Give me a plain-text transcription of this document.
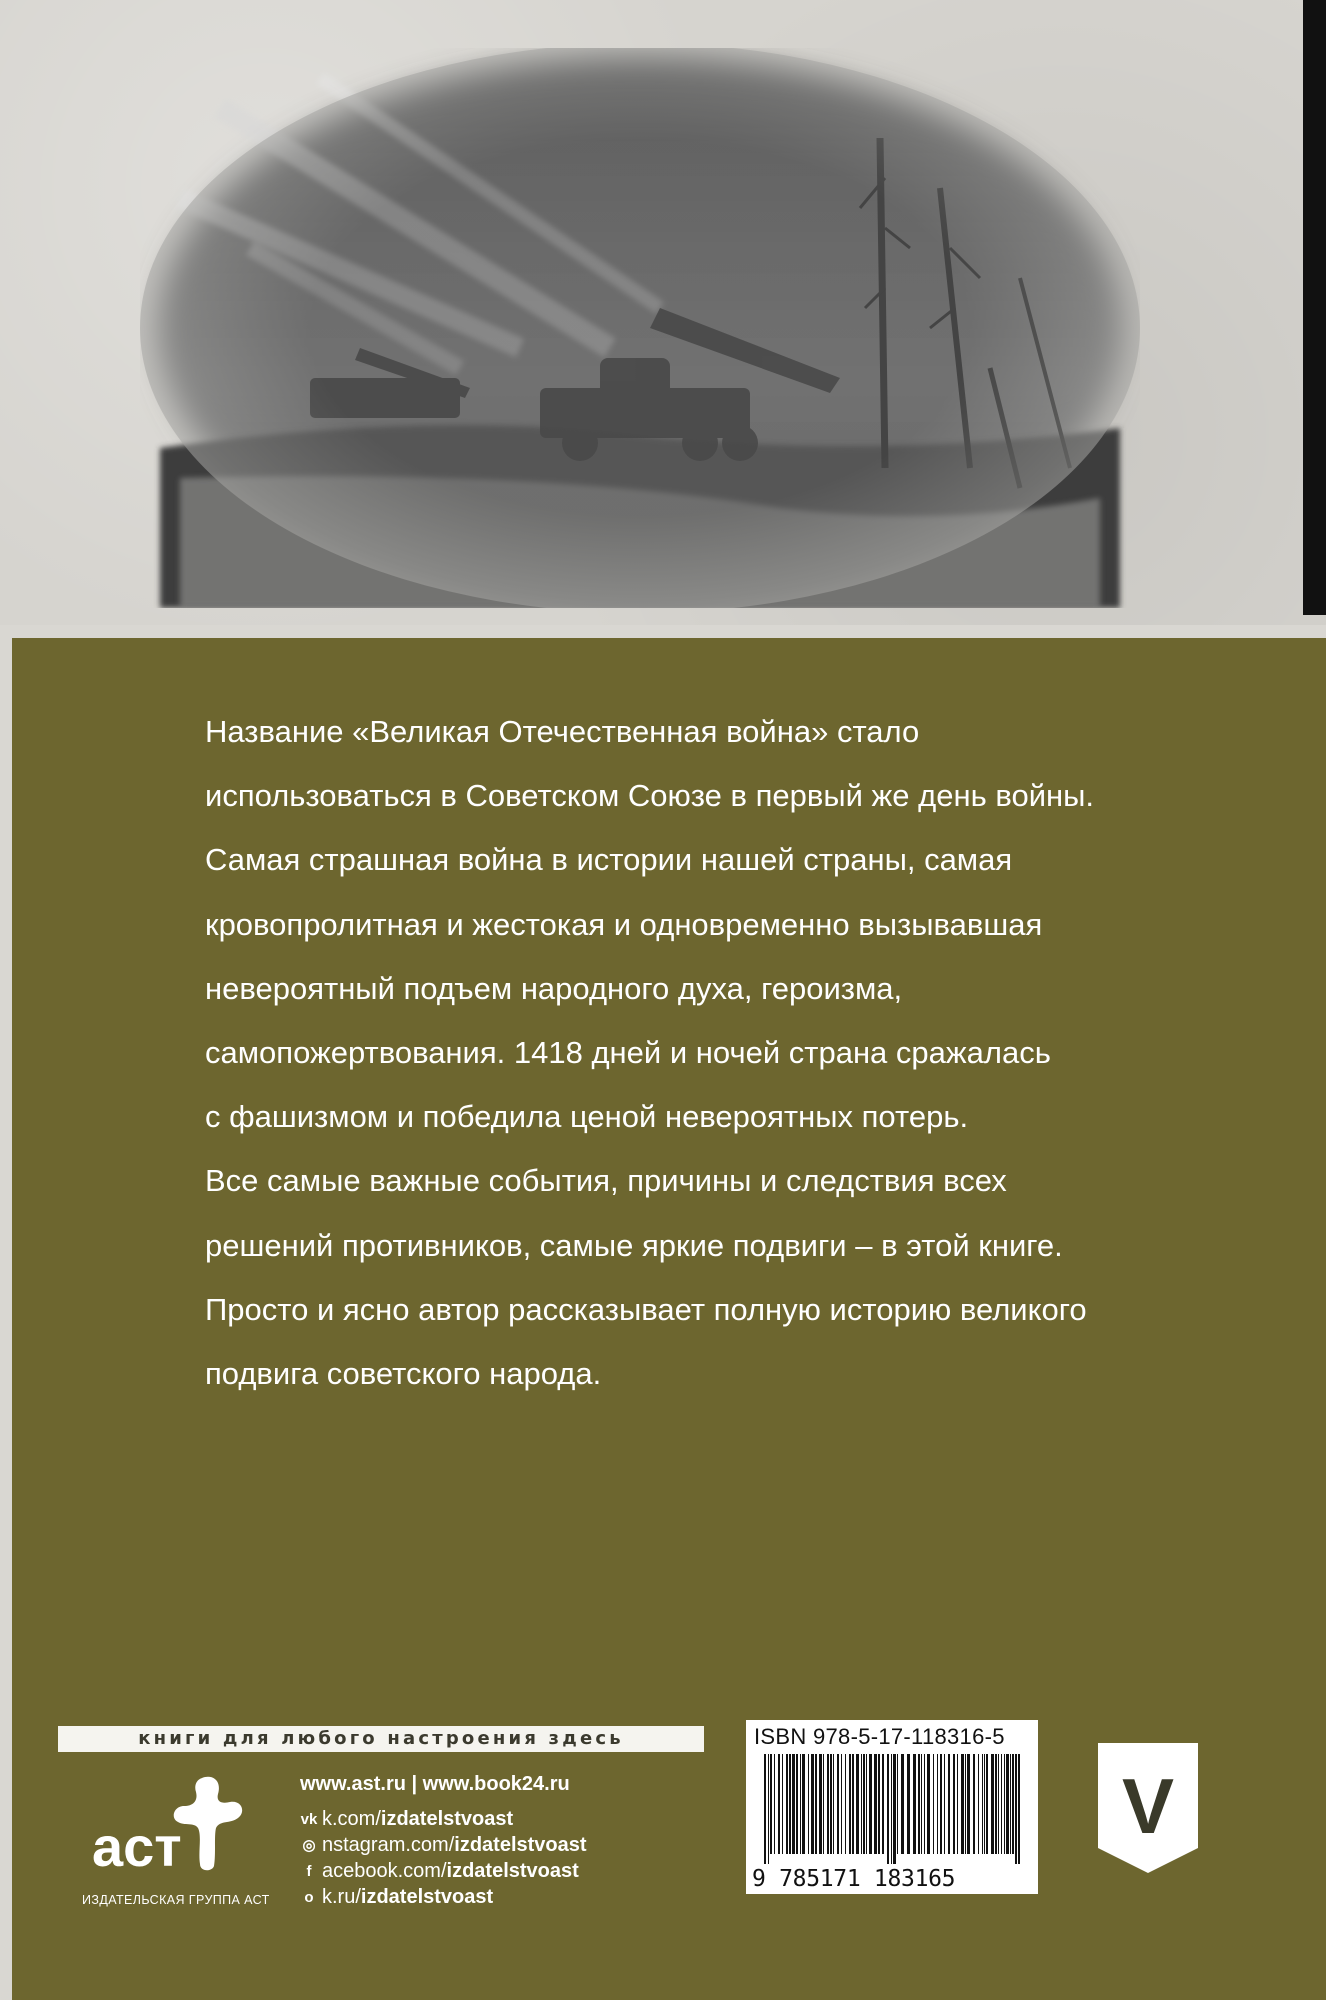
Название «Великая Отечественная война» стало

использоваться в Советском Союзе в первый же день войны.

Самая страшная война в истории нашей страны, самая

кровопролитная и жестокая и одновременно вызывавшая

невероятный подъем народного духа, героизма,

самопожертвования. 1418 дней и ночей страна сражалась

с фашизмом и победила ценой невероятных потерь.

Все самые важные события, причины и следствия всех

решений противников, самые яркие подвиги – в этой книге.

Просто и ясно автор рассказывает полную историю великого

подвига советского народа.

книги для любого настроения здесь
аст
ИЗДАТЕЛЬСКАЯ ГРУППА АСТ
www.ast.ru | www.book24.ru
vk k.com/izdatelstvoast
◎ nstagram.com/izdatelstvoast
f acebook.com/izdatelstvoast
о k.ru/izdatelstvoast
ISBN 978-5-17-118316-5
9 785171 183165
V
